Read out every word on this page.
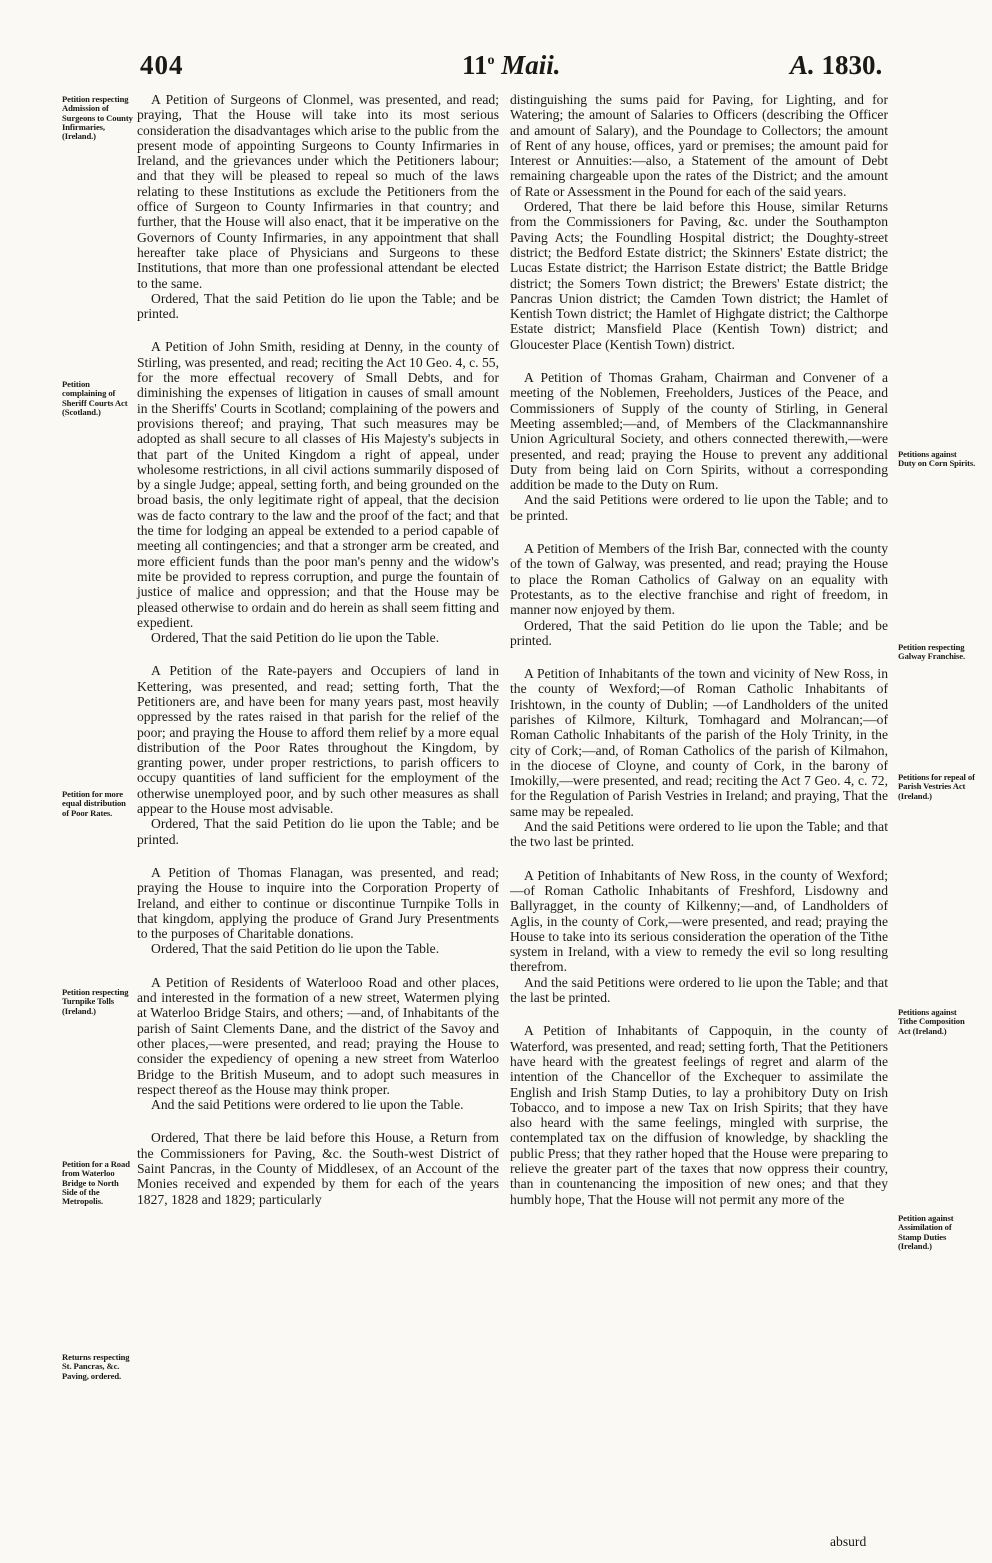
404	11$^o$ Maii.	A. 1830.
Petition respecting Admission of Surgeons to County Infirmaries, (Ireland.)
Petition complaining of Sheriff Courts Act (Scotland.)
Petition for more equal distribution of Poor Rates.
Petition respecting Turnpike Tolls (Ireland.)
Petition for a Road from Waterloo Bridge to North Side of the Metropolis.
Returns respecting St. Pancras, &c. Paving, ordered.
Petitions against Duty on Corn Spirits.
Petition respecting Galway Franchise.
Petitions for repeal of Parish Vestries Act (Ireland.)
Petitions against Tithe Composition Act (Ireland.)
Petition against Assimilation of Stamp Duties (Ireland.)

A Petition of Surgeons of Clonmel, was presented, and read; praying, That the House will take into its most serious consideration the disadvantages which arise to the public from the present mode of appointing Surgeons to County Infirmaries in Ireland, and the grievances under which the Petitioners labour; and that they will be pleased to repeal so much of the laws relating to these Institutions as exclude the Petitioners from the office of Surgeon to County Infirmaries in that country; and further, that the House will also enact, that it be imperative on the Governors of County Infirmaries, in any appointment that shall hereafter take place of Physicians and Surgeons to these Institutions, that more than one professional attendant be elected to the same.

Ordered, That the said Petition do lie upon the Table; and be printed.

A Petition of John Smith, residing at Denny, in the county of Stirling, was presented, and read; reciting the Act 10 Geo. 4, c. 55, for the more effectual recovery of Small Debts, and for diminishing the expenses of litigation in causes of small amount in the Sheriffs' Courts in Scotland; complaining of the powers and provisions thereof; and praying, That such measures may be adopted as shall secure to all classes of His Majesty's subjects in that part of the United Kingdom a right of appeal, under wholesome restrictions, in all civil actions summarily disposed of by a single Judge; appeal, setting forth, and being grounded on the broad basis, the only legitimate right of appeal, that the decision was de facto contrary to the law and the proof of the fact; and that the time for lodging an appeal be extended to a period capable of meeting all contingencies; and that a stronger arm be created, and more efficient funds than the poor man's penny and the widow's mite be provided to repress corruption, and purge the fountain of justice of malice and oppression; and that the House may be pleased otherwise to ordain and do herein as shall seem fitting and expedient.

Ordered, That the said Petition do lie upon the Table.

A Petition of the Rate-payers and Occupiers of land in Kettering, was presented, and read; setting forth, That the Petitioners are, and have been for many years past, most heavily oppressed by the rates raised in that parish for the relief of the poor; and praying the House to afford them relief by a more equal distribution of the Poor Rates throughout the Kingdom, by granting power, under proper restrictions, to parish officers to occupy quantities of land sufficient for the employment of the otherwise unemployed poor, and by such other measures as shall appear to the House most advisable.

Ordered, That the said Petition do lie upon the Table; and be printed.

A Petition of Thomas Flanagan, was presented, and read; praying the House to inquire into the Corporation Property of Ireland, and either to continue or discontinue Turnpike Tolls in that kingdom, applying the produce of Grand Jury Presentments to the purposes of Charitable donations.

Ordered, That the said Petition do lie upon the Table.

A Petition of Residents of Waterlooo Road and other places, and interested in the formation of a new street, Watermen plying at Waterloo Bridge Stairs, and others; —and, of Inhabitants of the parish of Saint Clements Dane, and the district of the Savoy and other places,—were presented, and read; praying the House to consider the expediency of opening a new street from Waterloo Bridge to the British Museum, and to adopt such measures in respect thereof as the House may think proper.

And the said Petitions were ordered to lie upon the Table.

Ordered, That there be laid before this House, a Return from the Commissioners for Paving, &c. the South-west District of Saint Pancras, in the County of Middlesex, of an Account of the Monies received and expended by them for each of the years 1827, 1828 and 1829; particularly

distinguishing the sums paid for Paving, for Lighting, and for Watering; the amount of Salaries to Officers (describing the Officer and amount of Salary), and the Poundage to Collectors; the amount of Rent of any house, offices, yard or premises; the amount paid for Interest or Annuities:—also, a Statement of the amount of Debt remaining chargeable upon the rates of the District; and the amount of Rate or Assessment in the Pound for each of the said years.

Ordered, That there be laid before this House, similar Returns from the Commissioners for Paving, &c. under the Southampton Paving Acts; the Foundling Hospital district; the Doughty-street district; the Bedford Estate district; the Skinners' Estate district; the Lucas Estate district; the Harrison Estate district; the Battle Bridge district; the Somers Town district; the Brewers' Estate district; the Pancras Union district; the Camden Town district; the Hamlet of Kentish Town district; the Hamlet of Highgate district; the Calthorpe Estate district; Mansfield Place (Kentish Town) district; and Gloucester Place (Kentish Town) district.

A Petition of Thomas Graham, Chairman and Convener of a meeting of the Noblemen, Freeholders, Justices of the Peace, and Commissioners of Supply of the county of Stirling, in General Meeting assembled;—and, of Members of the Clackmannanshire Union Agricultural Society, and others connected therewith,—were presented, and read; praying the House to prevent any additional Duty from being laid on Corn Spirits, without a corresponding addition be made to the Duty on Rum.

And the said Petitions were ordered to lie upon the Table; and to be printed.

A Petition of Members of the Irish Bar, connected with the county of the town of Galway, was presented, and read; praying the House to place the Roman Catholics of Galway on an equality with Protestants, as to the elective franchise and right of freedom, in manner now enjoyed by them.

Ordered, That the said Petition do lie upon the Table; and be printed.

A Petition of Inhabitants of the town and vicinity of New Ross, in the county of Wexford;—of Roman Catholic Inhabitants of Irishtown, in the county of Dublin; —of Landholders of the united parishes of Kilmore, Kilturk, Tomhagard and Molrancan;—of Roman Catholic Inhabitants of the parish of the Holy Trinity, in the city of Cork;—and, of Roman Catholics of the parish of Kilmahon, in the diocese of Cloyne, and county of Cork, in the barony of Imokilly,—were presented, and read; reciting the Act 7 Geo. 4, c. 72, for the Regulation of Parish Vestries in Ireland; and praying, That the same may be repealed.

And the said Petitions were ordered to lie upon the Table; and that the two last be printed.

A Petition of Inhabitants of New Ross, in the county of Wexford;—of Roman Catholic Inhabitants of Freshford, Lisdowny and Ballyragget, in the county of Kilkenny;—and, of Landholders of Aglis, in the county of Cork,—were presented, and read; praying the House to take into its serious consideration the operation of the Tithe system in Ireland, with a view to remedy the evil so long resulting therefrom.

And the said Petitions were ordered to lie upon the Table; and that the last be printed.

A Petition of Inhabitants of Cappoquin, in the county of Waterford, was presented, and read; setting forth, That the Petitioners have heard with the greatest feelings of regret and alarm of the intention of the Chancellor of the Exchequer to assimilate the English and Irish Stamp Duties, to lay a prohibitory Duty on Irish Tobacco, and to impose a new Tax on Irish Spirits; that they have also heard with the same feelings, mingled with surprise, the contemplated tax on the diffusion of knowledge, by shackling the public Press; that they rather hoped that the House were preparing to relieve the greater part of the taxes that now oppress their country, than in countenancing the imposition of new ones; and that they humbly hope, That the House will not permit any more of the

absurd
